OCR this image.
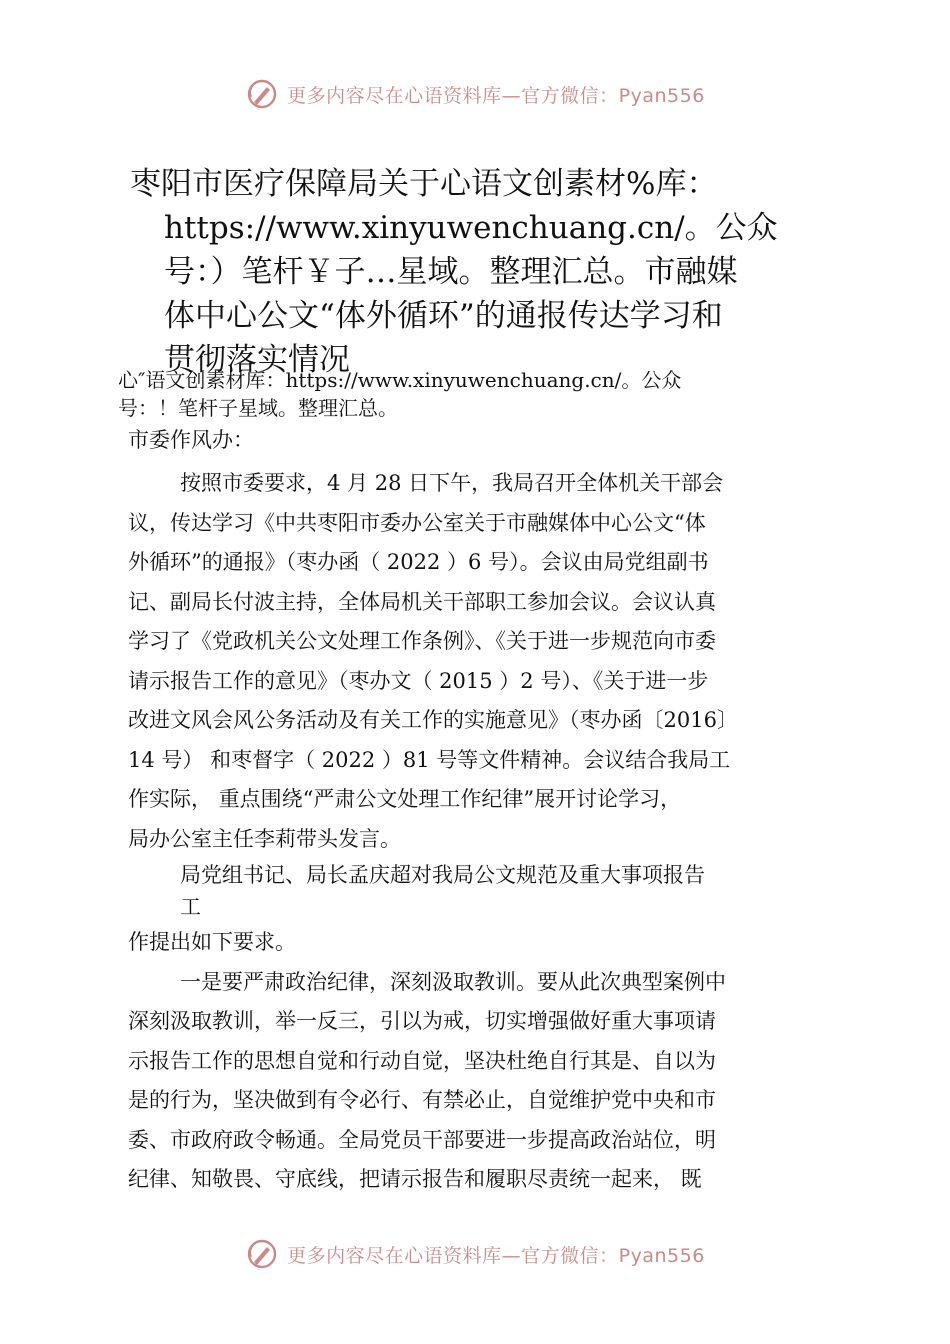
更多内容尽在心语资料库—官方微信：Pyan556
枣阳市医疗保障局关于心语文创素材%库：
https://www.xinyuwenchuang.cn/。公众
号：）笔杆￥子…星域。整理汇总。市融媒
体中心公文“体外循环”的通报传达学习和
贯彻落实情况
心″语文创素材库：https://www.xinyuwenchuang.cn/。公众
号：！笔杆子星域。整理汇总。
市委作风办：
按照市委要求，4 月 28 日下午，我局召开全体机关干部会
议，传达学习《中共枣阳市委办公室关于市融媒体中心公文“体
外循环”的通报》（枣办函（ 2022 ）6 号）。会议由局党组副书
记、副局长付波主持，全体局机关干部职工参加会议。会议认真
学习了《党政机关公文处理工作条例》、《关于进一步规范向市委
请示报告工作的意见》（枣办文（ 2015 ）2 号）、《关于进一步
改进文风会风公务活动及有关工作的实施意见》（枣办函〔2016〕
14 号） 和枣督字（ 2022 ）81 号等文件精神。会议结合我局工
作实际， 重点围绕“严肃公文处理工作纪律”展开讨论学习，
局办公室主任李莉带头发言。
局党组书记、局长孟庆超对我局公文规范及重大事项报告
工
作提出如下要求。
一是要严肃政治纪律，深刻汲取教训。要从此次典型案例中
深刻汲取教训，举一反三，引以为戒，切实增强做好重大事项请
示报告工作的思想自觉和行动自觉，坚决杜绝自行其是、自以为
是的行为，坚决做到有令必行、有禁必止，自觉维护党中央和市
委、市政府政令畅通。全局党员干部要进一步提高政治站位，明
纪律、知敬畏、守底线，把请示报告和履职尽责统一起来， 既
更多内容尽在心语资料库—官方微信：Pyan556
